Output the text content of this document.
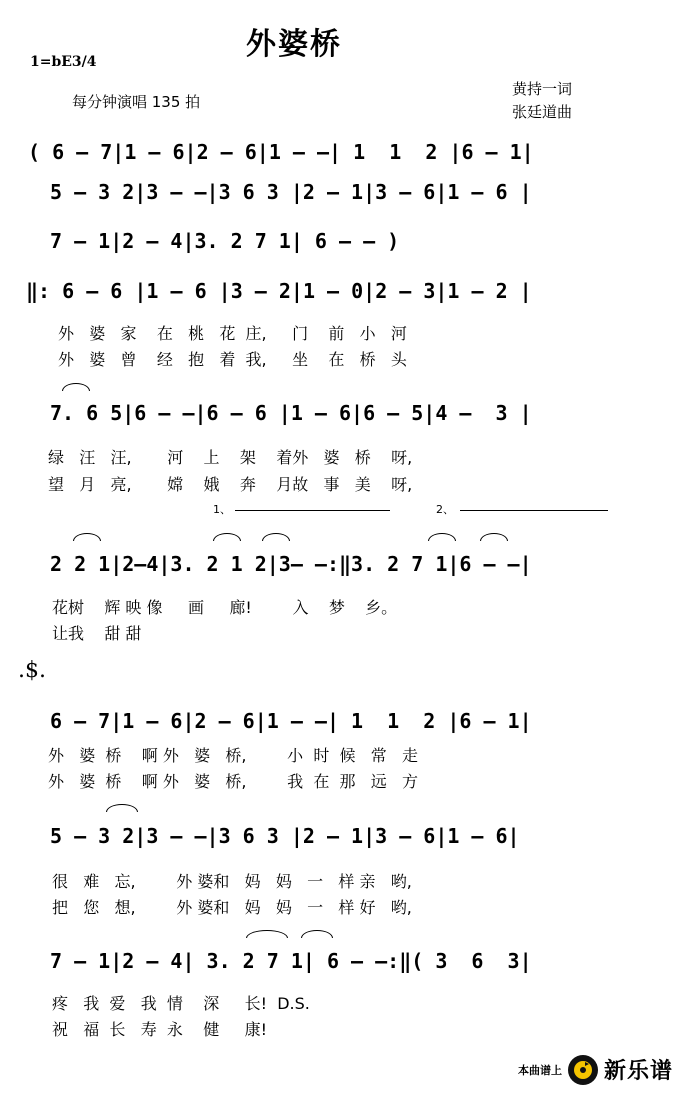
外婆桥
1=bE3/4
每分钟演唱 135 拍
黄持一词
张廷道曲
( 6 — 7|1 — 6|2 — 6|1 — —| 1  1  2 |6 — 1|
5 — 3 2|3 — —|3 6 3 |2 — 1|3 — 6|1 — 6 |
7 — 1|2 — 4|3. 2 7 1| 6 — — )
‖: 6 — 6 |1 — 6 |3 — 2|1 — 0|2 — 3|1 — 2 |
外   婆   家    在   桃   花  庄,     门    前   小   河
外   婆   曾    经   抱   着  我,     坐    在   桥   头
7. 6 5|6 — —|6 — 6 |1 — 6|6 — 5|4 —  3 |
绿   汪   汪,       河    上    架    着外   婆   桥    呀,
望   月   亮,       嫦    娥    奔    月故   事   美    呀,
1、	2、
2 2 1|2—4|3. 2 1 2|3— —:‖3. 2 7 1|6 — —|
花树    辉 映 像     画     廊!        入    梦    乡。
让我    甜 甜
.$.
6 — 7|1 — 6|2 — 6|1 — —| 1  1  2 |6 — 1|
外   婆  桥    啊 外   婆   桥,        小  时  候   常   走
外   婆  桥    啊 外   婆   桥,        我  在  那   远   方
5 — 3 2|3 — —|3 6 3 |2 — 1|3 — 6|1 — 6|
很   难   忘,        外 婆和   妈   妈   一   样 亲   哟,
把   您   想,        外 婆和   妈   妈   一   样 好   哟,
7 — 1|2 — 4| 3. 2 7 1| 6 — —:‖( 3  6  3|
疼   我  爱   我  情    深     长!  D.S.
祝   福  长   寿  永    健     康!
本曲谱上 新乐谱
